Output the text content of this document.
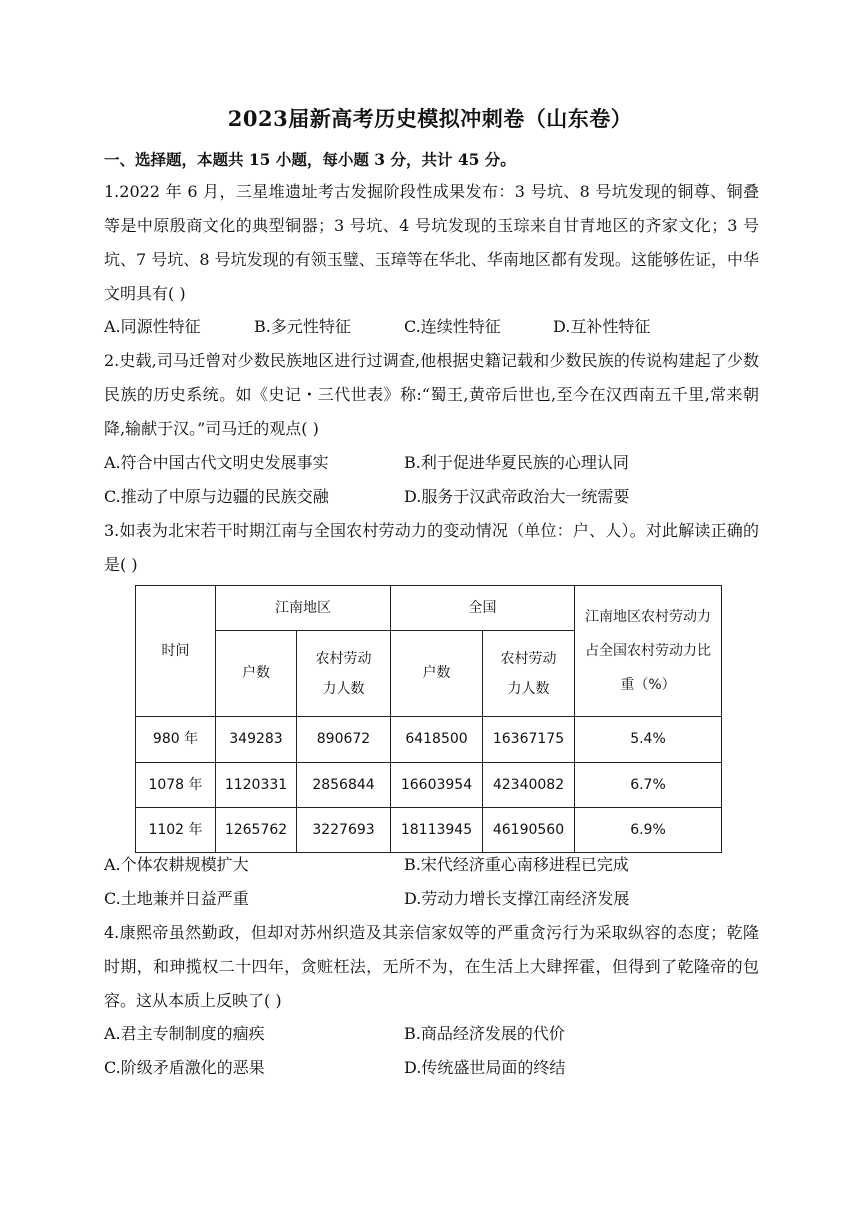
2023届新高考历史模拟冲刺卷（山东卷）
一、选择题，本题共 15 小题，每小题 3 分，共计 45 分。
1.2022 年 6 月，三星堆遗址考古发掘阶段性成果发布：3 号坑、8 号坑发现的铜尊、铜叠等是中原殷商文化的典型铜器；3 号坑、4 号坑发现的玉琮来自甘青地区的齐家文化；3 号坑、7 号坑、8 号坑发现的有领玉璧、玉璋等在华北、华南地区都有发现。这能够佐证，中华文明具有( )
A.同源性特征	B.多元性特征	C.连续性特征	D.互补性特征
2.史载,司马迁曾对少数民族地区进行过调查,他根据史籍记载和少数民族的传说构建起了少数民族的历史系统。如《史记・三代世表》称:“蜀王,黄帝后世也,至今在汉西南五千里,常来朝降,输献于汉。”司马迁的观点( )
A.符合中国古代文明史发展事实	B.利于促进华夏民族的心理认同
C.推动了中原与边疆的民族交融	D.服务于汉武帝政治大一统需要
3.如表为北宋若干时期江南与全国农村劳动力的变动情况（单位：户、人）。对此解读正确的是( )
时间	江南地区		全国		江南地区农村劳动力占全国农村劳动力比重（%）
	户数	农村劳动力人数	户数	农村劳动力人数	
980 年	349283	890672	6418500	16367175	5.4%
1078 年	1120331	2856844	16603954	42340082	6.7%
1102 年	1265762	3227693	18113945	46190560	6.9%
A.个体农耕规模扩大	B.宋代经济重心南移进程已完成
C.土地兼并日益严重	D.劳动力增长支撑江南经济发展
4.康熙帝虽然勤政，但却对苏州织造及其亲信家奴等的严重贪污行为采取纵容的态度；乾隆时期，和珅揽权二十四年，贪赃枉法，无所不为，在生活上大肆挥霍，但得到了乾隆帝的包容。这从本质上反映了( )
A.君主专制制度的痼疾	B.商品经济发展的代价
C.阶级矛盾激化的恶果	D.传统盛世局面的终结
